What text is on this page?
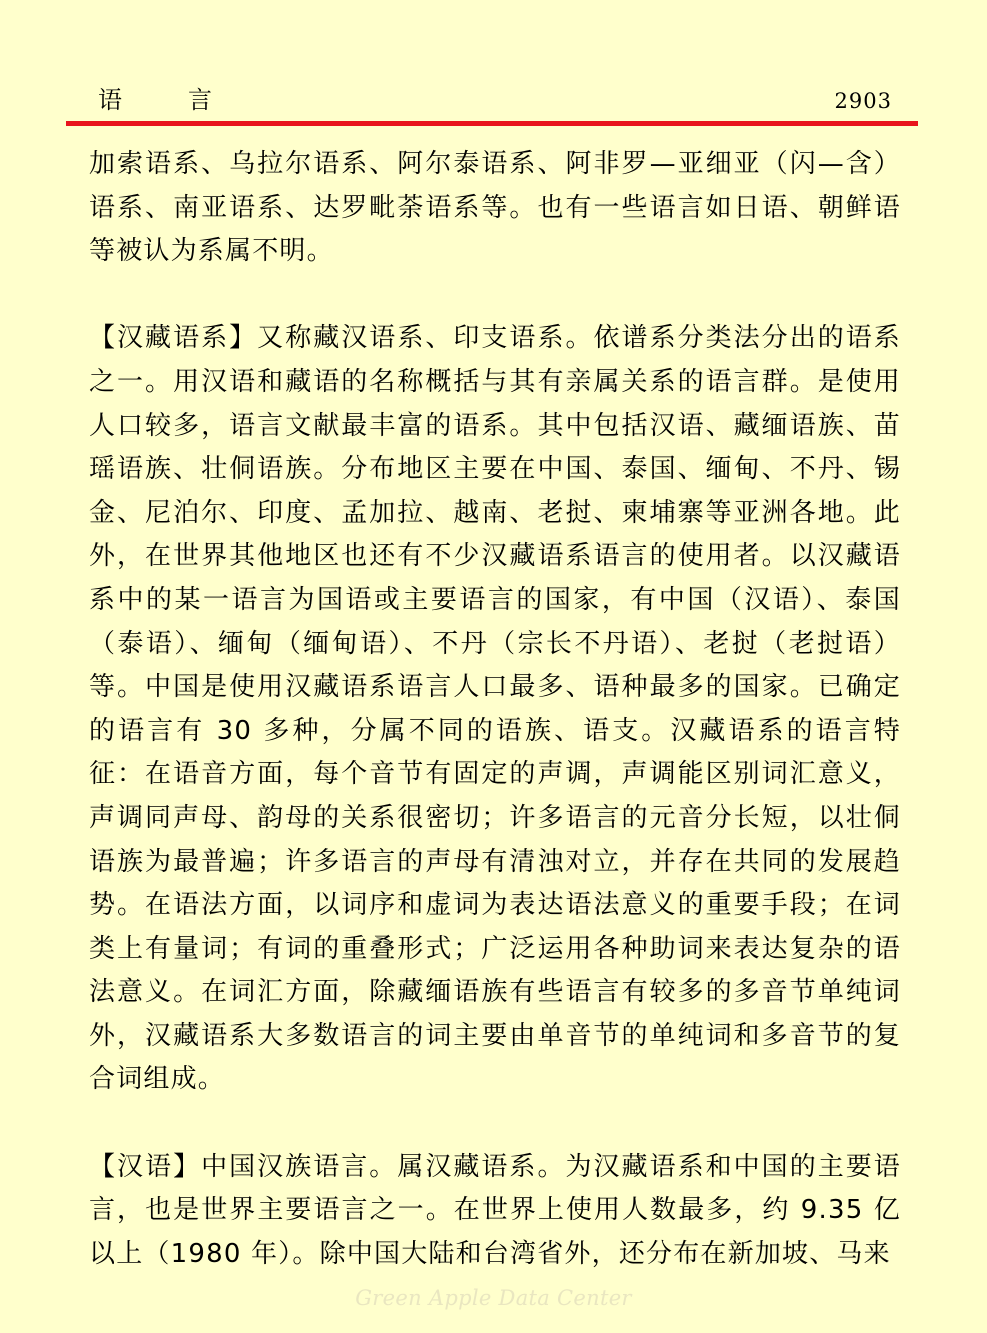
语言	2903

加索语系、乌拉尔语系、阿尔泰语系、阿非罗—亚细亚（闪—含）语系、南亚语系、达罗毗荼语系等。也有一些语言如日语、朝鲜语等被认为系属不明。

【汉藏语系】又称藏汉语系、印支语系。依谱系分类法分出的语系之一。用汉语和藏语的名称概括与其有亲属关系的语言群。是使用人口较多，语言文献最丰富的语系。其中包括汉语、藏缅语族、苗瑶语族、壮侗语族。分布地区主要在中国、泰国、缅甸、不丹、锡金、尼泊尔、印度、孟加拉、越南、老挝、柬埔寨等亚洲各地。此外，在世界其他地区也还有不少汉藏语系语言的使用者。以汉藏语系中的某一语言为国语或主要语言的国家，有中国（汉语）、泰国（泰语）、缅甸（缅甸语）、不丹（宗长不丹语）、老挝（老挝语）等。中国是使用汉藏语系语言人口最多、语种最多的国家。已确定的语言有 30 多种，分属不同的语族、语支。汉藏语系的语言特征：在语音方面，每个音节有固定的声调，声调能区别词汇意义，声调同声母、韵母的关系很密切；许多语言的元音分长短，以壮侗语族为最普遍；许多语言的声母有清浊对立，并存在共同的发展趋势。在语法方面，以词序和虚词为表达语法意义的重要手段；在词类上有量词；有词的重叠形式；广泛运用各种助词来表达复杂的语法意义。在词汇方面，除藏缅语族有些语言有较多的多音节单纯词外，汉藏语系大多数语言的词主要由单音节的单纯词和多音节的复合词组成。

【汉语】中国汉族语言。属汉藏语系。为汉藏语系和中国的主要语言，也是世界主要语言之一。在世界上使用人数最多，约 9.35 亿以上（1980 年）。除中国大陆和台湾省外，还分布在新加坡、马来

Green Apple Data Center
